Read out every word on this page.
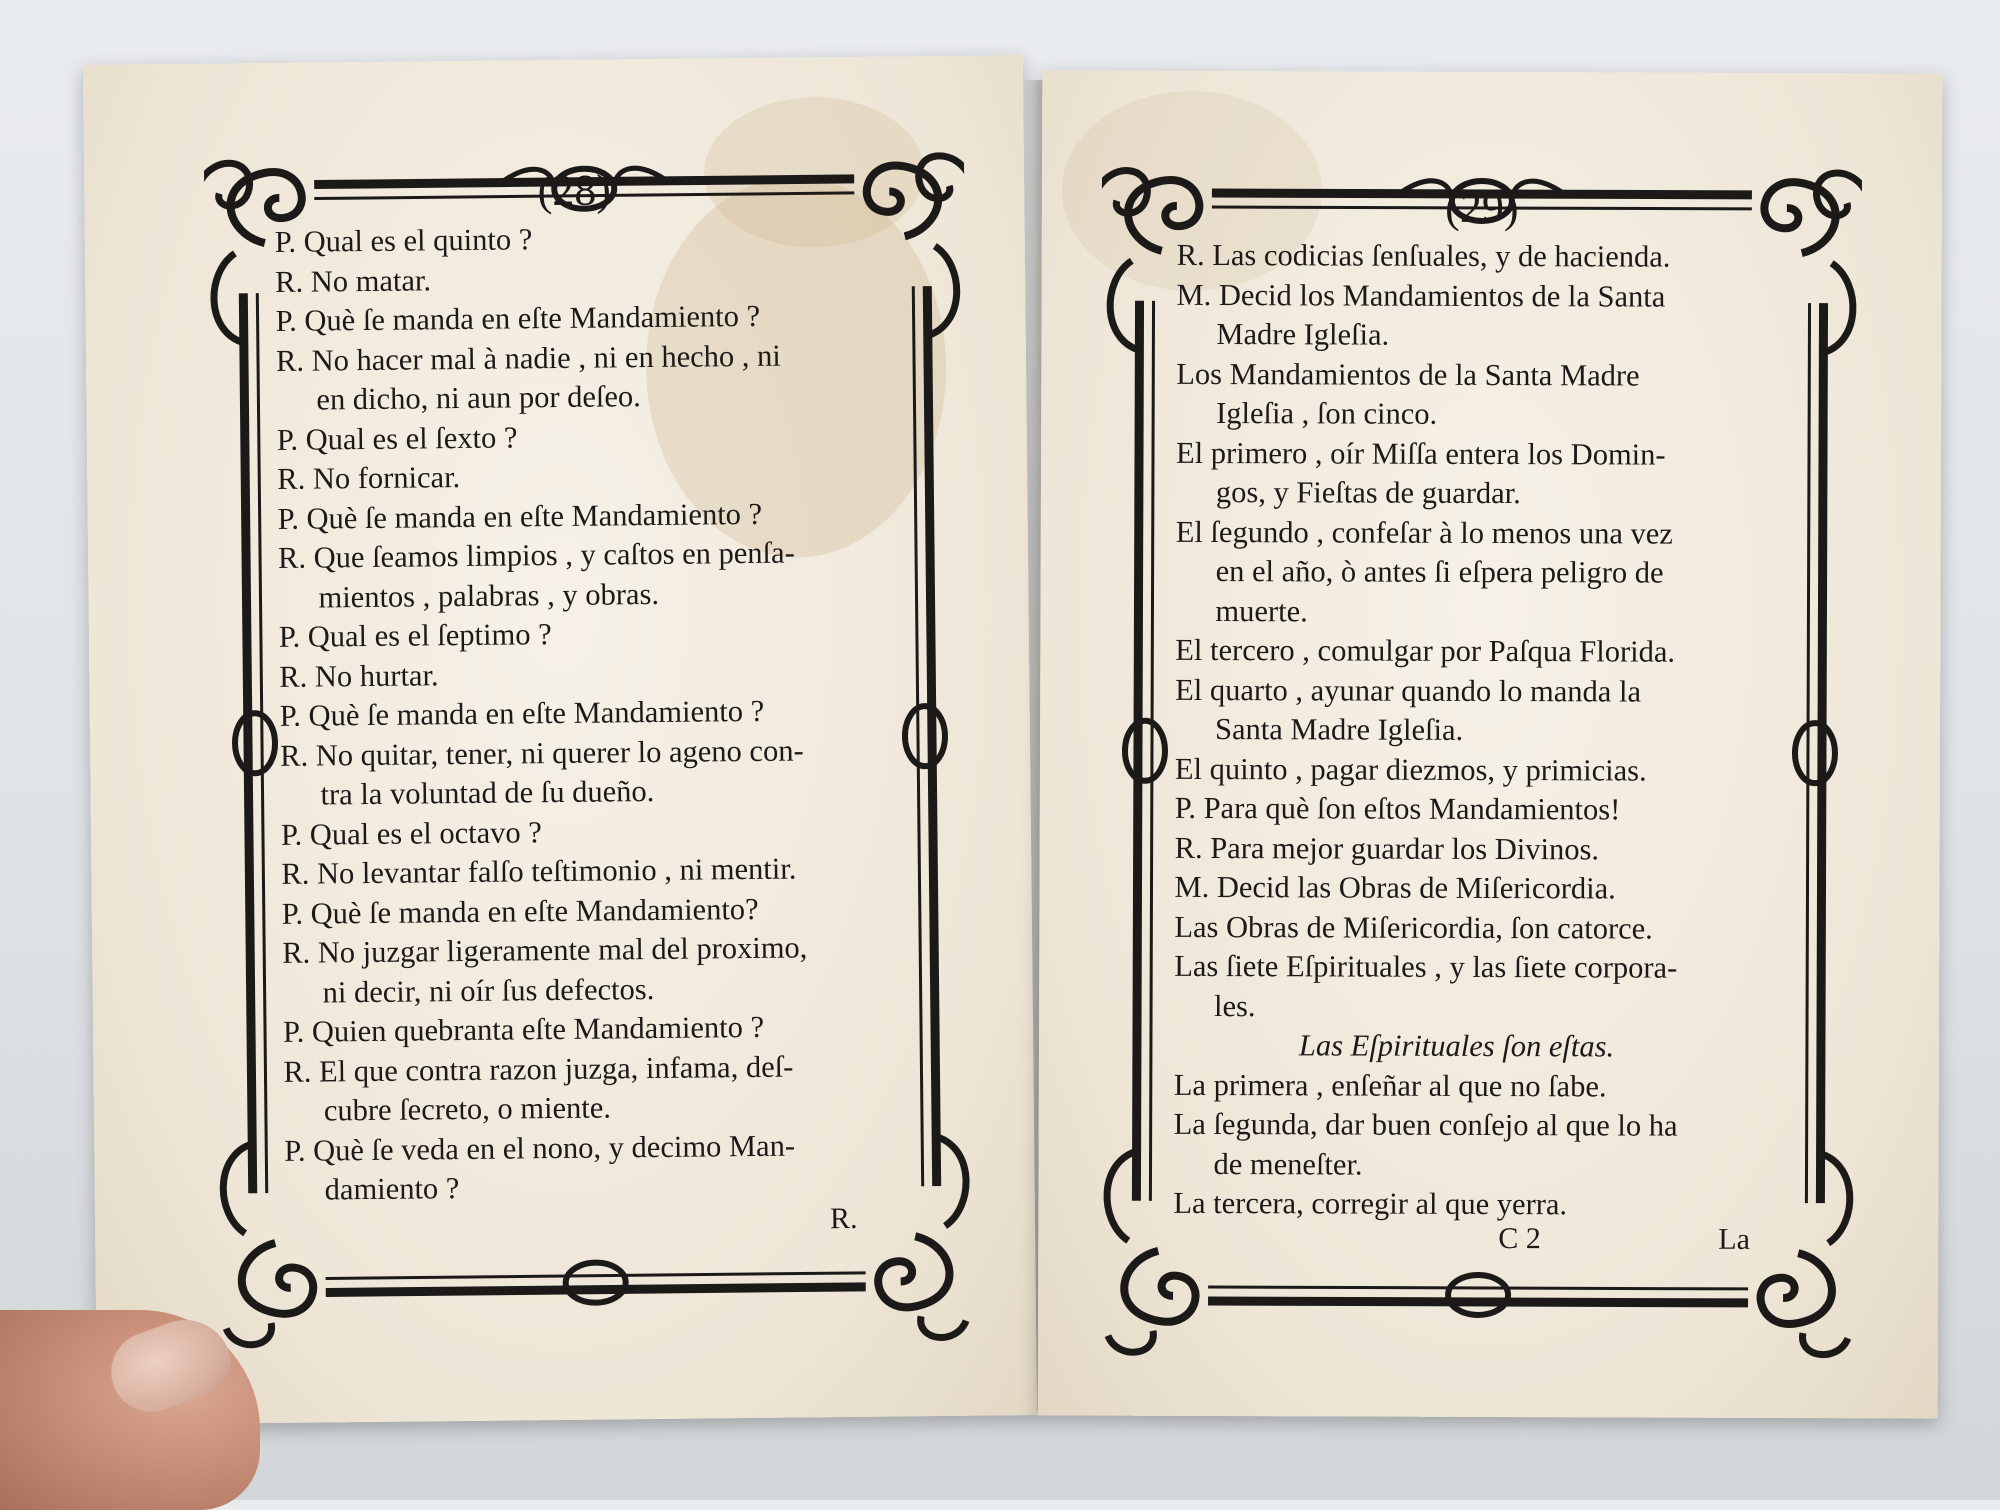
(28)
P. Qual es el quinto ?
R. No matar.
P. Què ſe manda en eſte Mandamiento ?
R. No hacer mal à nadie , ni en hecho , ni
en dicho, ni aun por deſeo.
P. Qual es el ſexto ?
R. No fornicar.
P. Què ſe manda en eſte Mandamiento ?
R. Que ſeamos limpios , y caſtos en penſa-
mientos , palabras , y obras.
P. Qual es el ſeptimo ?
R. No hurtar.
P. Què ſe manda en eſte Mandamiento ?
R. No quitar, tener, ni querer lo ageno con-
tra la voluntad de ſu dueño.
P. Qual es el octavo ?
R. No levantar falſo teſtimonio , ni mentir.
P. Què ſe manda en eſte Mandamiento?
R. No juzgar ligeramente mal del proximo,
ni decir, ni oír ſus defectos.
P. Quien quebranta eſte Mandamiento ?
R. El que contra razon juzga, infama, deſ-
cubre ſecreto, o miente.
P. Què ſe veda en el nono, y decimo Man-
damiento ?
R.
(29)
R. Las codicias ſenſuales, y de hacienda.
M. Decid los Mandamientos de la Santa
Madre Igleſia.
Los Mandamientos de la Santa Madre
Igleſia , ſon cinco.
El primero , oír Miſſa entera los Domin-
gos, y Fieſtas de guardar.
El ſegundo , confeſar à lo menos una vez
en el año, ò antes ſi eſpera peligro de
muerte.
El tercero , comulgar por Paſqua Florida.
El quarto , ayunar quando lo manda la
Santa Madre Igleſia.
El quinto , pagar diezmos, y primicias.
P. Para què ſon eſtos Mandamientos!
R. Para mejor guardar los Divinos.
M. Decid las Obras de Miſericordia.
Las Obras de Miſericordia, ſon catorce.
Las ſiete Eſpirituales , y las ſiete corpora-
les.
Las Eſpirituales ſon eſtas.
La primera , enſeñar al que no ſabe.
La ſegunda, dar buen conſejo al que lo ha
de meneſter.
La tercera, corregir al que yerra.
C 2	La
